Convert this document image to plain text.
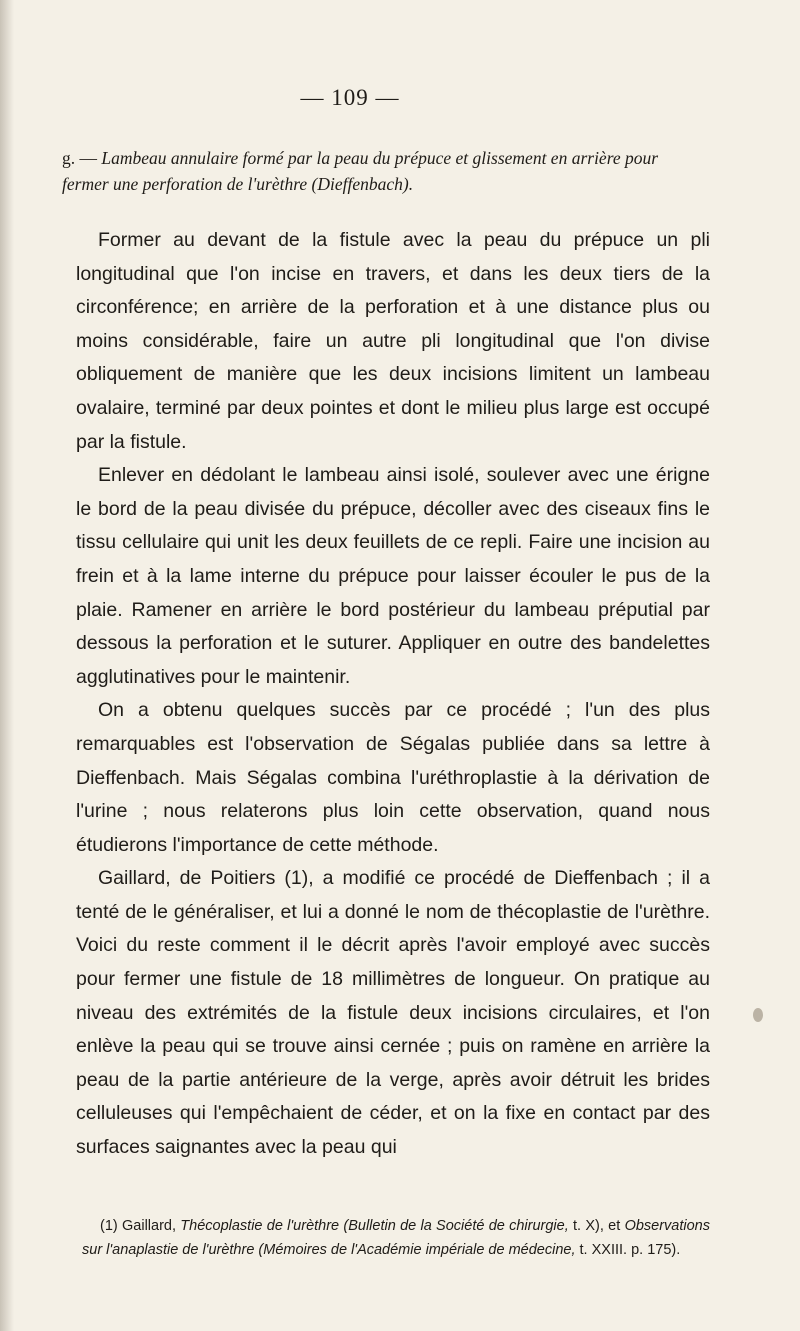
— 109 —

g. — Lambeau annulaire formé par la peau du prépuce et glissement en arrière pour fermer une perforation de l'urèthre (Dieffenbach).

Former au devant de la fistule avec la peau du prépuce un pli longitudinal que l'on incise en travers, et dans les deux tiers de la circonférence; en arrière de la perforation et à une distance plus ou moins considérable, faire un autre pli longitudinal que l'on divise obliquement de manière que les deux incisions limitent un lambeau ovalaire, terminé par deux pointes et dont le milieu plus large est occupé par la fistule.

Enlever en dédolant le lambeau ainsi isolé, soulever avec une érigne le bord de la peau divisée du prépuce, décoller avec des ciseaux fins le tissu cellulaire qui unit les deux feuillets de ce repli. Faire une incision au frein et à la lame interne du prépuce pour laisser écouler le pus de la plaie. Ramener en arrière le bord postérieur du lambeau préputial par dessous la perforation et le suturer. Appliquer en outre des bandelettes agglutinatives pour le maintenir.

On a obtenu quelques succès par ce procédé ; l'un des plus remarquables est l'observation de Ségalas publiée dans sa lettre à Dieffenbach. Mais Ségalas combina l'uréthroplastie à la dérivation de l'urine ; nous relaterons plus loin cette observation, quand nous étudierons l'importance de cette méthode.

Gaillard, de Poitiers (1), a modifié ce procédé de Dieffenbach ; il a tenté de le généraliser, et lui a donné le nom de thécoplastie de l'urèthre. Voici du reste comment il le décrit après l'avoir employé avec succès pour fermer une fistule de 18 millimètres de longueur. On pratique au niveau des extrémités de la fistule deux incisions circulaires, et l'on enlève la peau qui se trouve ainsi cernée ; puis on ramène en arrière la peau de la partie antérieure de la verge, après avoir détruit les brides celluleuses qui l'empêchaient de céder, et on la fixe en contact par des surfaces saignantes avec la peau qui

(1) Gaillard, Thécoplastie de l'urèthre (Bulletin de la Société de chirurgie, t. X), et Observations sur l'anaplastie de l'urèthre (Mémoires de l'Académie impériale de médecine, t. XXIII. p. 175).
